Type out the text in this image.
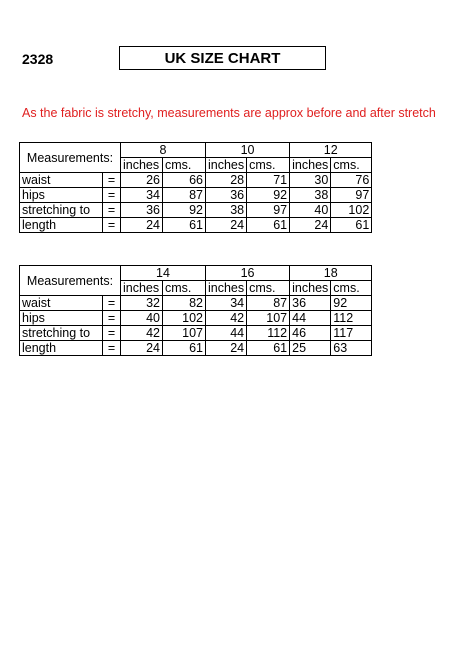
2328	UK SIZE CHART
As the fabric is stretchy, measurements are approx before and after stretch
Measurements:		8		10		12	
		inches	cms.	inches	cms.	inches	cms.
waist	=	26	66	28	71	30	76
hips	=	34	87	36	92	38	97
stretching to	=	36	92	38	97	40	102
length	=	24	61	24	61	24	61
Measurements:		14		16		18	
		inches	cms.	inches	cms.	inches	cms.
waist	=	32	82	34	87	36	92
hips	=	40	102	42	107	44	112
stretching to	=	42	107	44	112	46	117
length	=	24	61	24	61	25	63
